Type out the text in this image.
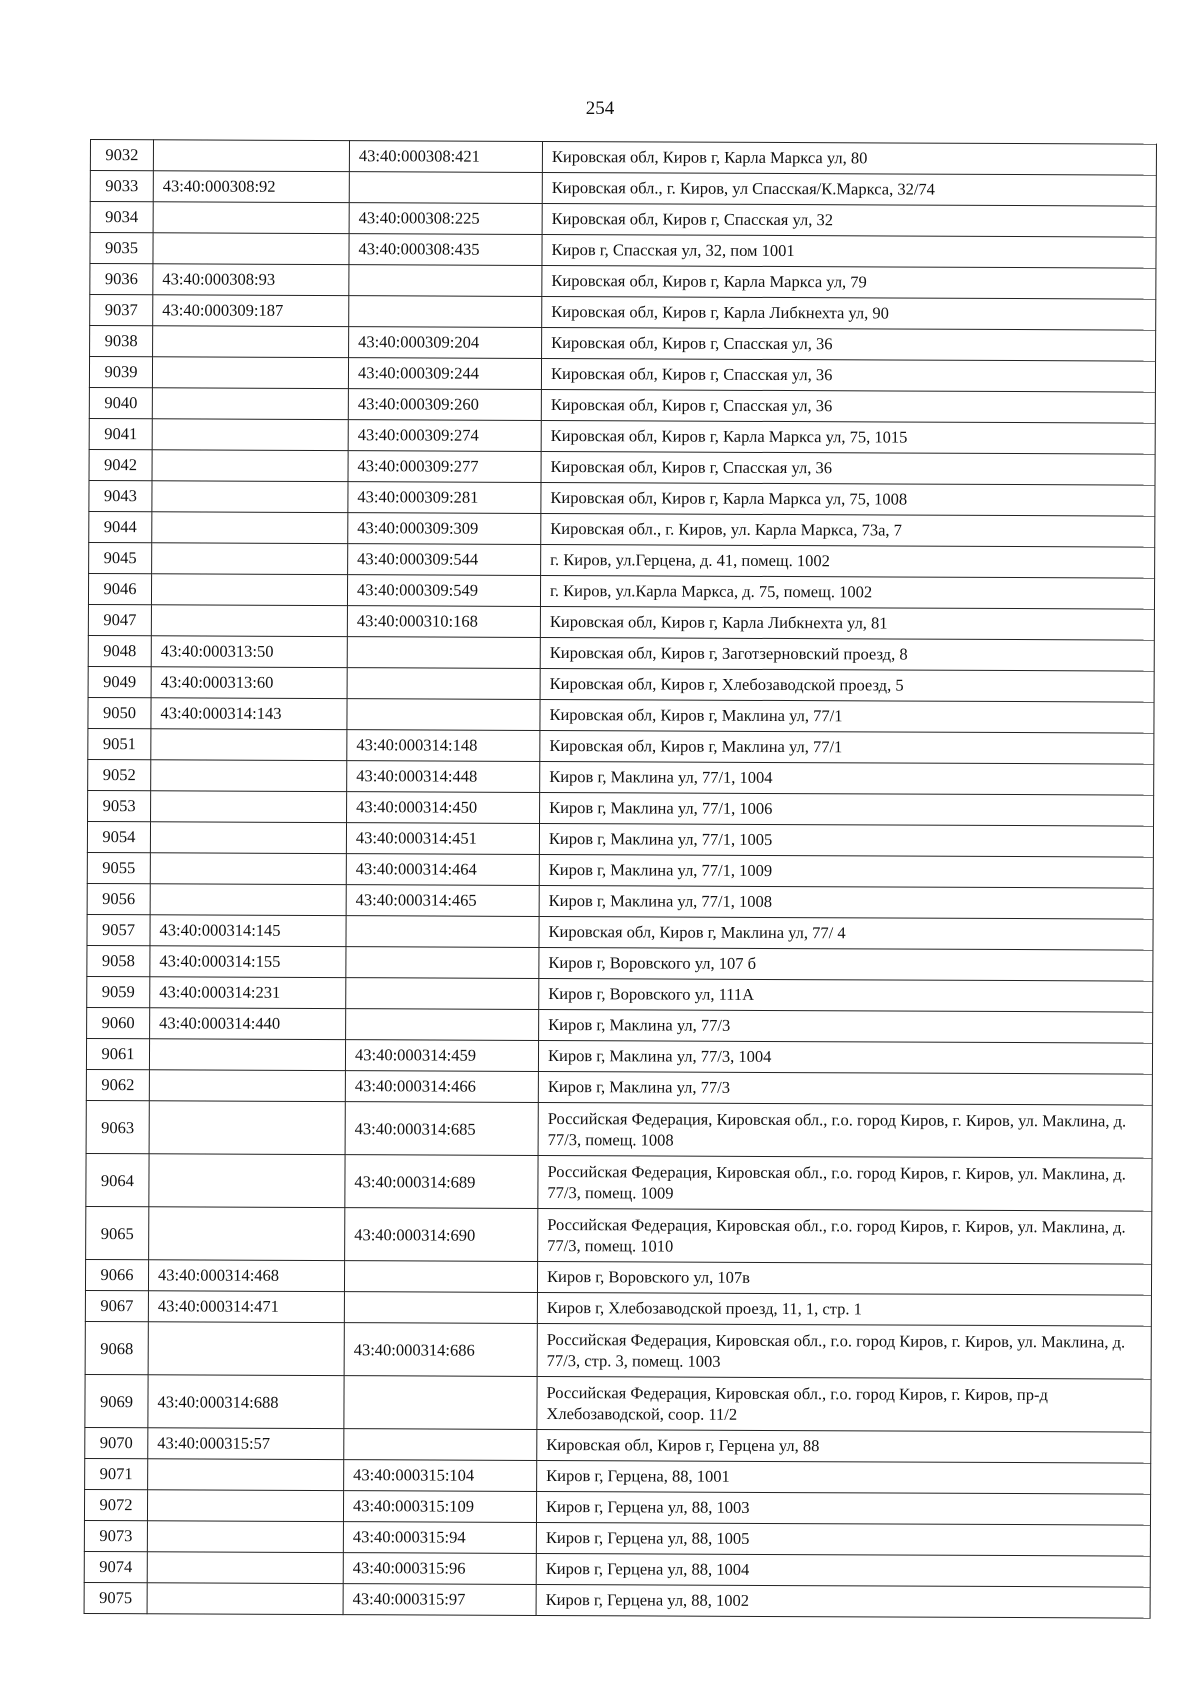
254
9032		43:40:000308:421	Кировская обл, Киров г, Карла Маркса ул, 80
9033	43:40:000308:92		Кировская обл., г. Киров, ул Спасская/К.Маркса, 32/74
9034		43:40:000308:225	Кировская обл, Киров г, Спасская ул, 32
9035		43:40:000308:435	Киров г, Спасская ул, 32, пом 1001
9036	43:40:000308:93		Кировская обл, Киров г, Карла Маркса ул, 79
9037	43:40:000309:187		Кировская обл, Киров г, Карла Либкнехта ул, 90
9038		43:40:000309:204	Кировская обл, Киров г, Спасская ул, 36
9039		43:40:000309:244	Кировская обл, Киров г, Спасская ул, 36
9040		43:40:000309:260	Кировская обл, Киров г, Спасская ул, 36
9041		43:40:000309:274	Кировская обл, Киров г, Карла Маркса ул, 75, 1015
9042		43:40:000309:277	Кировская обл, Киров г, Спасская ул, 36
9043		43:40:000309:281	Кировская обл, Киров г, Карла Маркса ул, 75, 1008
9044		43:40:000309:309	Кировская обл., г. Киров, ул. Карла Маркса, 73а, 7
9045		43:40:000309:544	г. Киров, ул.Герцена, д. 41, помещ. 1002
9046		43:40:000309:549	г. Киров, ул.Карла Маркса, д. 75, помещ. 1002
9047		43:40:000310:168	Кировская обл, Киров г, Карла Либкнехта ул, 81
9048	43:40:000313:50		Кировская обл, Киров г, Заготзерновский проезд, 8
9049	43:40:000313:60		Кировская обл, Киров г, Хлебозаводской проезд, 5
9050	43:40:000314:143		Кировская обл, Киров г, Маклина ул, 77/1
9051		43:40:000314:148	Кировская обл, Киров г, Маклина ул, 77/1
9052		43:40:000314:448	Киров г, Маклина ул, 77/1, 1004
9053		43:40:000314:450	Киров г, Маклина ул, 77/1, 1006
9054		43:40:000314:451	Киров г, Маклина ул, 77/1, 1005
9055		43:40:000314:464	Киров г, Маклина ул, 77/1, 1009
9056		43:40:000314:465	Киров г, Маклина ул, 77/1, 1008
9057	43:40:000314:145		Кировская обл, Киров г, Маклина ул, 77/ 4
9058	43:40:000314:155		Киров г, Воровского ул, 107 б
9059	43:40:000314:231		Киров г, Воровского ул, 111А
9060	43:40:000314:440		Киров г, Маклина ул, 77/3
9061		43:40:000314:459	Киров г, Маклина ул, 77/3, 1004
9062		43:40:000314:466	Киров г, Маклина ул, 77/3
9063		43:40:000314:685	Российская Федерация, Кировская обл., г.о. город Киров, г. Киров, ул. Маклина, д. 77/3, помещ. 1008
9064		43:40:000314:689	Российская Федерация, Кировская обл., г.о. город Киров, г. Киров, ул. Маклина, д. 77/3, помещ. 1009
9065		43:40:000314:690	Российская Федерация, Кировская обл., г.о. город Киров, г. Киров, ул. Маклина, д. 77/3, помещ. 1010
9066	43:40:000314:468		Киров г, Воровского ул, 107в
9067	43:40:000314:471		Киров г, Хлебозаводской проезд, 11, 1, стр. 1
9068		43:40:000314:686	Российская Федерация, Кировская обл., г.о. город Киров, г. Киров, ул. Маклина, д. 77/3, стр. 3, помещ. 1003
9069	43:40:000314:688		Российская Федерация, Кировская обл., г.о. город Киров, г. Киров, пр-д Хлебозаводской, соор. 11/2
9070	43:40:000315:57		Кировская обл, Киров г, Герцена ул, 88
9071		43:40:000315:104	Киров г, Герцена, 88, 1001
9072		43:40:000315:109	Киров г, Герцена ул, 88, 1003
9073		43:40:000315:94	Киров г, Герцена ул, 88, 1005
9074		43:40:000315:96	Киров г, Герцена ул, 88, 1004
9075		43:40:000315:97	Киров г, Герцена ул, 88, 1002
